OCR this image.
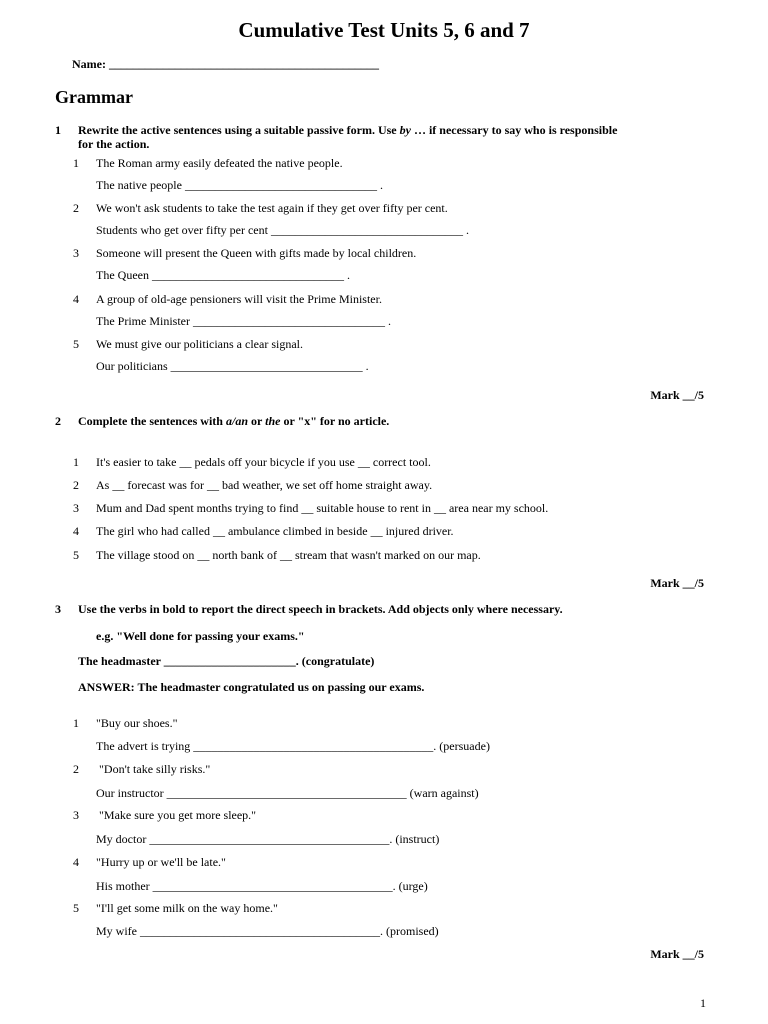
Cumulative Test Units 5, 6 and 7
Name: _____________________________________________
Grammar
1 Rewrite the active sentences using a suitable passive form. Use by … if necessary to say who is responsible
for the action.
1 The Roman army easily defeated the native people.
The native people ________________________________ .
2 We won't ask students to take the test again if they get over fifty per cent.
Students who get over fifty per cent ________________________________ .
3 Someone will present the Queen with gifts made by local children.
The Queen ________________________________ .
4 A group of old-age pensioners will visit the Prime Minister.
The Prime Minister ________________________________ .
5 We must give our politicians a clear signal.
Our politicians ________________________________ .
Mark __/5
2 Complete the sentences with a/an or the or "x" for no article.
1 It's easier to take __ pedals off your bicycle if you use __ correct tool.
2 As __ forecast was for __ bad weather, we set off home straight away.
3 Mum and Dad spent months trying to find __ suitable house to rent in __ area near my school.
4 The girl who had called __ ambulance climbed in beside __ injured driver.
5 The village stood on __ north bank of __ stream that wasn't marked on our map.
Mark __/5
3 Use the verbs in bold to report the direct speech in brackets. Add objects only where necessary.
e.g. "Well done for passing your exams."
The headmaster ______________________. (congratulate)
ANSWER: The headmaster congratulated us on passing our exams.
1 "Buy our shoes."
The advert is trying ________________________________________. (persuade)
2 "Don't take silly risks."
Our instructor ________________________________________ (warn against)
3 "Make sure you get more sleep."
My doctor ________________________________________. (instruct)
4 "Hurry up or we'll be late."
His mother ________________________________________. (urge)
5 "I'll get some milk on the way home."
My wife ________________________________________. (promised)
Mark __/5
1
